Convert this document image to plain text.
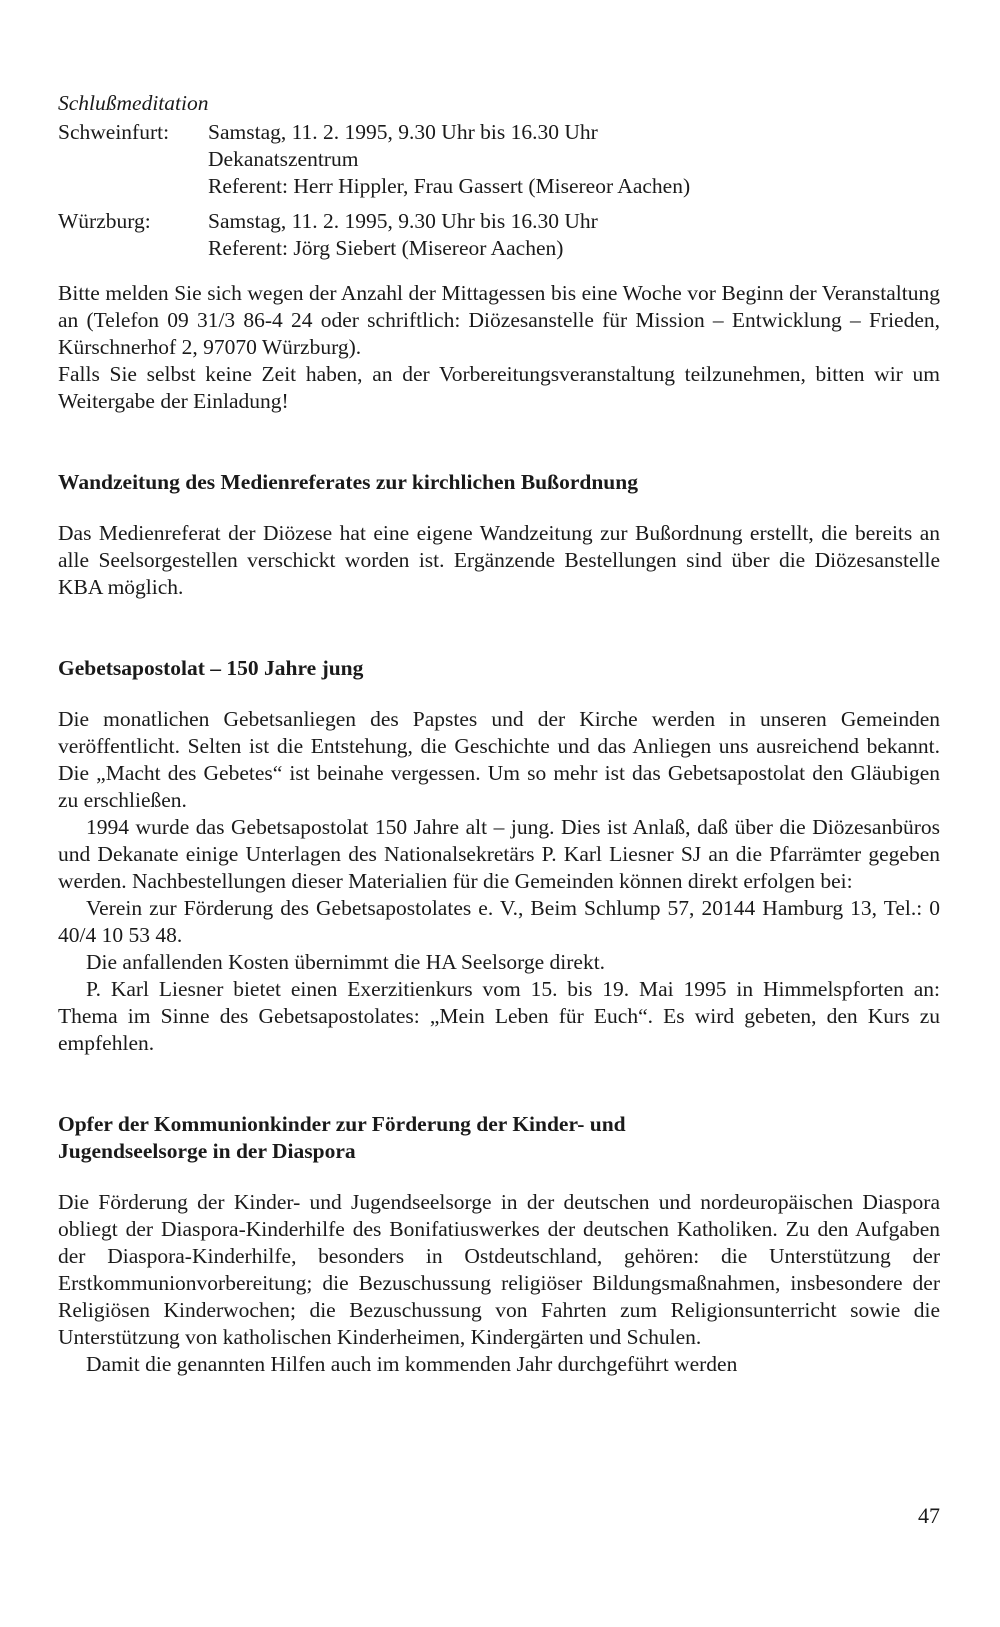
Schlußmeditation

Schweinfurt:	Samstag, 11. 2. 1995, 9.30 Uhr bis 16.30 Uhr
Dekanatszentrum
Referent: Herr Hippler, Frau Gassert (Misereor Aachen)
Würzburg:	Samstag, 11. 2. 1995, 9.30 Uhr bis 16.30 Uhr
Referent: Jörg Siebert (Misereor Aachen)

Bitte melden Sie sich wegen der Anzahl der Mittagessen bis eine Woche vor Beginn der Veranstaltung an (Telefon 09 31/3 86-4 24 oder schriftlich: Diözesanstelle für Mission – Entwicklung – Frieden, Kürschnerhof 2, 97070 Würzburg).

Falls Sie selbst keine Zeit haben, an der Vorbereitungsveranstaltung teilzunehmen, bitten wir um Weitergabe der Einladung!

Wandzeitung des Medienreferates zur kirchlichen Bußordnung

Das Medienreferat der Diözese hat eine eigene Wandzeitung zur Bußordnung erstellt, die bereits an alle Seelsorgestellen verschickt worden ist. Ergänzende Bestellungen sind über die Diözesanstelle KBA möglich.

Gebetsapostolat – 150 Jahre jung

Die monatlichen Gebetsanliegen des Papstes und der Kirche werden in unseren Gemeinden veröffentlicht. Selten ist die Entstehung, die Geschichte und das Anliegen uns ausreichend bekannt. Die „Macht des Gebetes“ ist beinahe vergessen. Um so mehr ist das Gebetsapostolat den Gläubigen zu erschließen.

1994 wurde das Gebetsapostolat 150 Jahre alt – jung. Dies ist Anlaß, daß über die Diözesanbüros und Dekanate einige Unterlagen des Nationalsekretärs P. Karl Liesner SJ an die Pfarrämter gegeben werden. Nachbestellungen dieser Materialien für die Gemeinden können direkt erfolgen bei:

Verein zur Förderung des Gebetsapostolates e. V., Beim Schlump 57, 20144 Hamburg 13, Tel.: 0 40/4 10 53 48.

Die anfallenden Kosten übernimmt die HA Seelsorge direkt.

P. Karl Liesner bietet einen Exerzitienkurs vom 15. bis 19. Mai 1995 in Himmelspforten an: Thema im Sinne des Gebetsapostolates: „Mein Leben für Euch“. Es wird gebeten, den Kurs zu empfehlen.

Opfer der Kommunionkinder zur Förderung der Kinder- und

Jugendseelsorge in der Diaspora

Die Förderung der Kinder- und Jugendseelsorge in der deutschen und nordeuropäischen Diaspora obliegt der Diaspora-Kinderhilfe des Bonifatiuswerkes der deutschen Katholiken. Zu den Aufgaben der Diaspora-Kinderhilfe, besonders in Ostdeutschland, gehören: die Unterstützung der Erstkommunionvorbereitung; die Bezuschussung religiöser Bildungsmaßnahmen, insbesondere der Religiösen Kinderwochen; die Bezuschussung von Fahrten zum Religionsunterricht sowie die Unterstützung von katholischen Kinderheimen, Kindergärten und Schulen.

Damit die genannten Hilfen auch im kommenden Jahr durchgeführt werden

47
